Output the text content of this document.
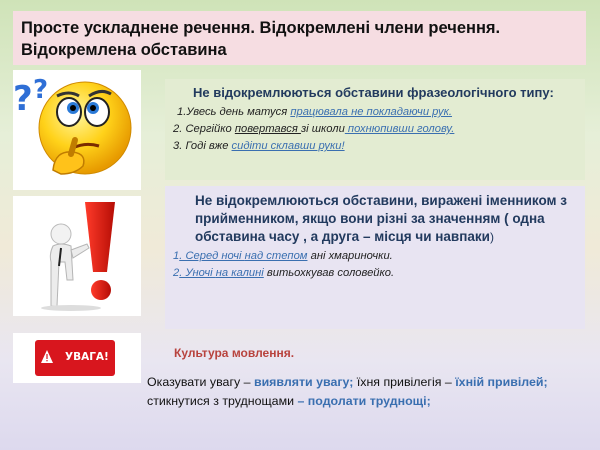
Просте ускладнене речення. Відокремлені члени речення. Відокремлена обставина
? ?
УВАГА!
Не відокремлюються обставини фразеологічного типу:
1.Увесь день матуся працювала не покладаючи рук.
2. Сергійко повертався зі школи похнюпивши голову.
3. Годі вже сидіти склавши руки!
Не відокремлюються обставини, виражені іменником з прийменником, якщо вони різні за значенням ( одна обставина часу , а друга – місця чи навпаки)
1. Серед ночі над степом ані хмариночки.
2. Уночі на калині витьохкував соловейко.
Культура мовлення.
Оказувати увагу – виявляти увагу; їхня привілегія – їхній привілей;
стикнутися з труднощами – подолати труднощі;
